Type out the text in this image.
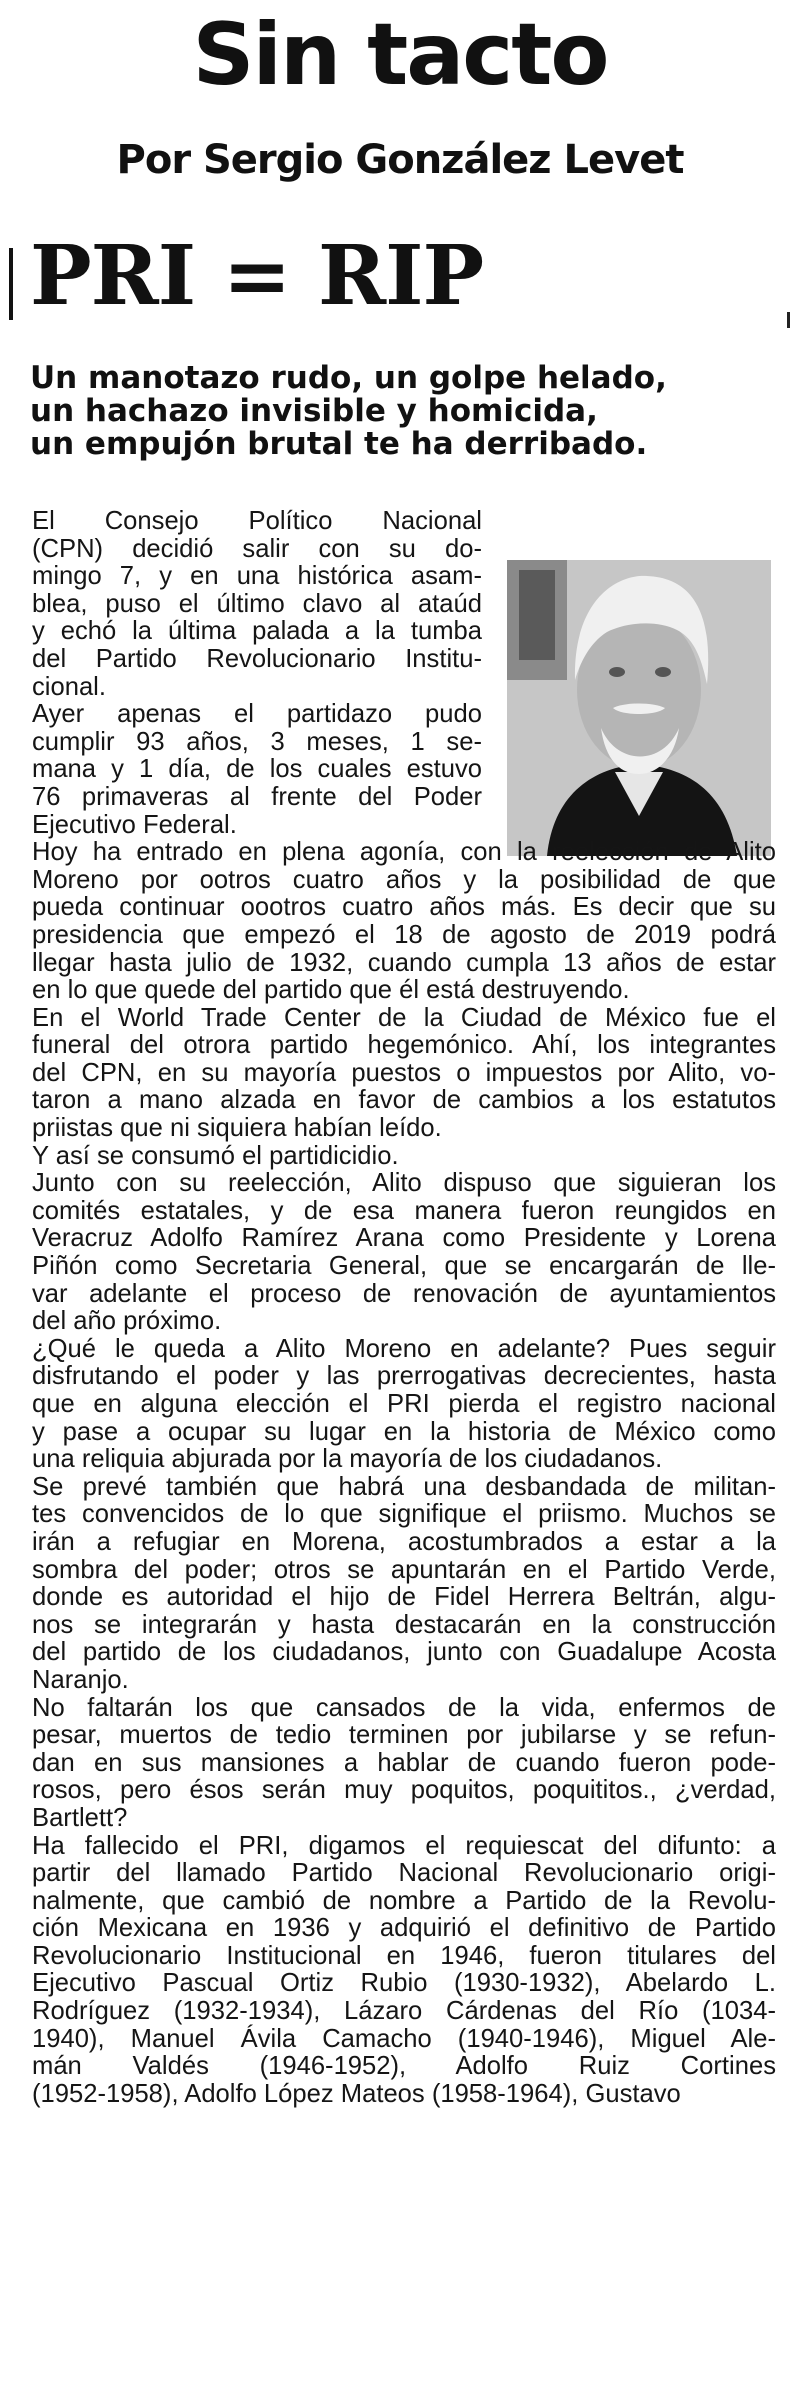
Sin tacto
Por Sergio González Levet
PRI = RIP
Un manotazo rudo, un golpe helado,
un hachazo invisible y homicida,
un empujón brutal te ha derribado.
El Consejo Político Nacional
(CPN) decidió salir con su do-
mingo 7, y en una histórica asam-
blea, puso el último clavo al ataúd
y echó la última palada a la tumba
del Partido Revolucionario Institu-
cional.
Ayer apenas el partidazo pudo
cumplir 93 años, 3 meses, 1 se-
mana y 1 día, de los cuales estuvo
76 primaveras al frente del Poder
Ejecutivo Federal.
Hoy ha entrado en plena agonía, con la reelección de Alito
Moreno por ootros cuatro años y la posibilidad de que
pueda continuar oootros cuatro años más. Es decir que su
presidencia que empezó el 18 de agosto de 2019 podrá
llegar hasta julio de 1932, cuando cumpla 13 años de estar
en lo que quede del partido que él está destruyendo.
En el World Trade Center de la Ciudad de México fue el
funeral del otrora partido hegemónico. Ahí, los integrantes
del CPN, en su mayoría puestos o impuestos por Alito, vo-
taron a mano alzada en favor de cambios a los estatutos
priistas que ni siquiera habían leído.
Y así se consumó el partidicidio.
Junto con su reelección, Alito dispuso que siguieran los
comités estatales, y de esa manera fueron reungidos en
Veracruz Adolfo Ramírez Arana como Presidente y Lorena
Piñón como Secretaria General, que se encargarán de lle-
var adelante el proceso de renovación de ayuntamientos
del año próximo.
¿Qué le queda a Alito Moreno en adelante? Pues seguir
disfrutando el poder y las prerrogativas decrecientes, hasta
que en alguna elección el PRI pierda el registro nacional
y pase a ocupar su lugar en la historia de México como
una reliquia abjurada por la mayoría de los ciudadanos.
Se prevé también que habrá una desbandada de militan-
tes convencidos de lo que signifique el priismo. Muchos se
irán a refugiar en Morena, acostumbrados a estar a la
sombra del poder; otros se apuntarán en el Partido Verde,
donde es autoridad el hijo de Fidel Herrera Beltrán, algu-
nos se integrarán y hasta destacarán en la construcción
del partido de los ciudadanos, junto con Guadalupe Acosta
Naranjo.
No faltarán los que cansados de la vida, enfermos de
pesar, muertos de tedio terminen por jubilarse y se refun-
dan en sus mansiones a hablar de cuando fueron pode-
rosos, pero ésos serán muy poquitos, poquititos., ¿verdad,
Bartlett?
Ha fallecido el PRI, digamos el requiescat del difunto: a
partir del llamado Partido Nacional Revolucionario origi-
nalmente, que cambió de nombre a Partido de la Revolu-
ción Mexicana en 1936 y adquirió el definitivo de Partido
Revolucionario Institucional en 1946, fueron titulares del
Ejecutivo Pascual Ortiz Rubio (1930-1932), Abelardo L.
Rodríguez (1932-1934), Lázaro Cárdenas del Río (1034-
1940), Manuel Ávila Camacho (1940-1946), Miguel Ale-
mán Valdés (1946-1952), Adolfo Ruiz Cortines
(1952-1958), Adolfo López Mateos (1958-1964), Gustavo
